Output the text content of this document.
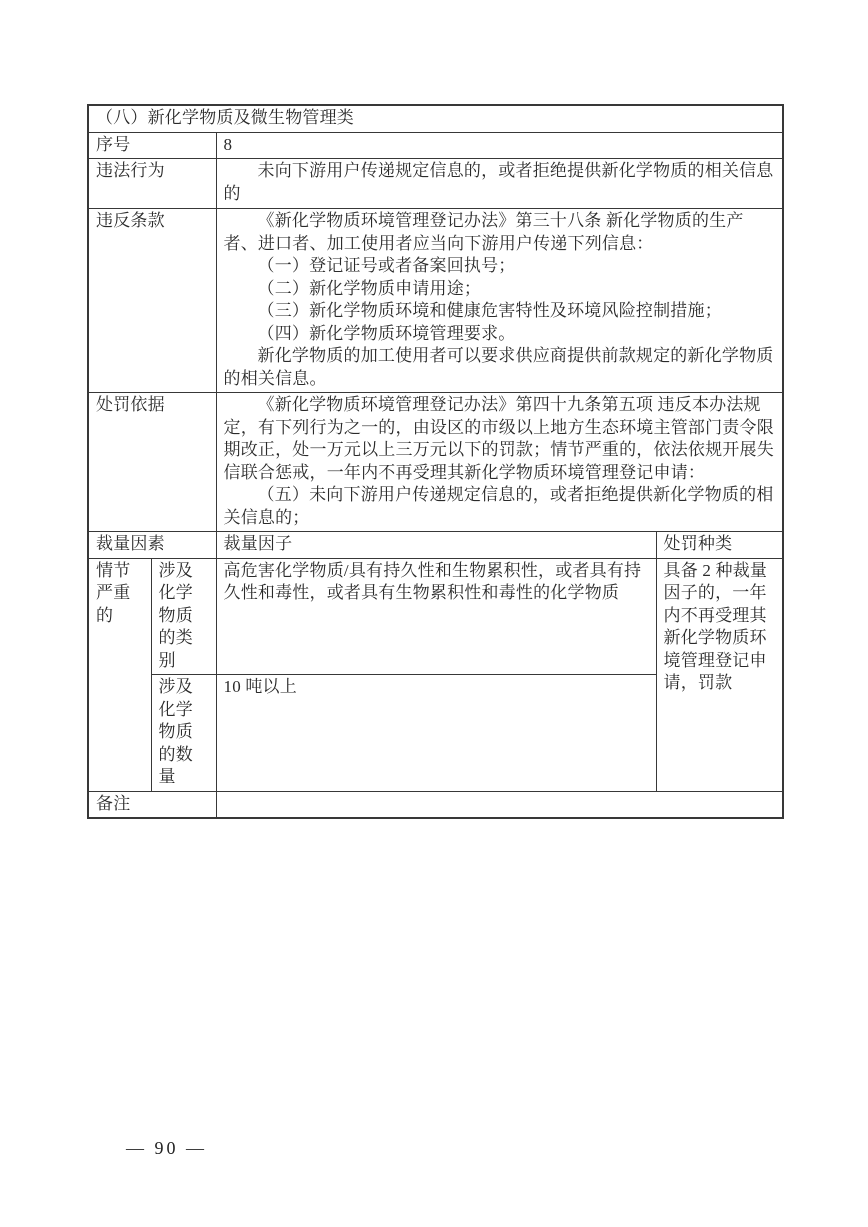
（八）新化学物质及微生物管理类			
序号		8	
违法行为		未向下游用户传递规定信息的，或者拒绝提供新化学物质的相关信息的	
违反条款	《新化学物质环境管理登记办法》第三十八条 新化学物质的生产者、进口者、加工使用者应当向下游用户传递下列信息：

（一）登记证号或者备案回执号；

（二）新化学物质申请用途；

（三）新化学物质环境和健康危害特性及环境风险控制措施；

（四）新化学物质环境管理要求。

新化学物质的加工使用者可以要求供应商提供前款规定的新化学物质的相关信息。

处罚依据		《新化学物质环境管理登记办法》第四十九条第五项 违反本办法规定，有下列行为之一的，由设区的市级以上地方生态环境主管部门责令限期改正，处一万元以上三万元以下的罚款；情节严重的，依法依规开展失信联合惩戒，一年内不再受理其新化学物质环境管理登记申请：

（五）未向下游用户传递规定信息的，或者拒绝提供新化学物质的相关信息的；	

裁量因素		裁量因子	处罚种类
情节严重的	涉及化学物质的类别	高危害化学物质/具有持久性和生物累积性，或者具有持久性和毒性，或者具有生物累积性和毒性的化学物质	具备 2 种裁量因子的，一年内不再受理其新化学物质环境管理登记申请，罚款
	涉及化学物质的数量	10 吨以上	
备注			
— 90 —
